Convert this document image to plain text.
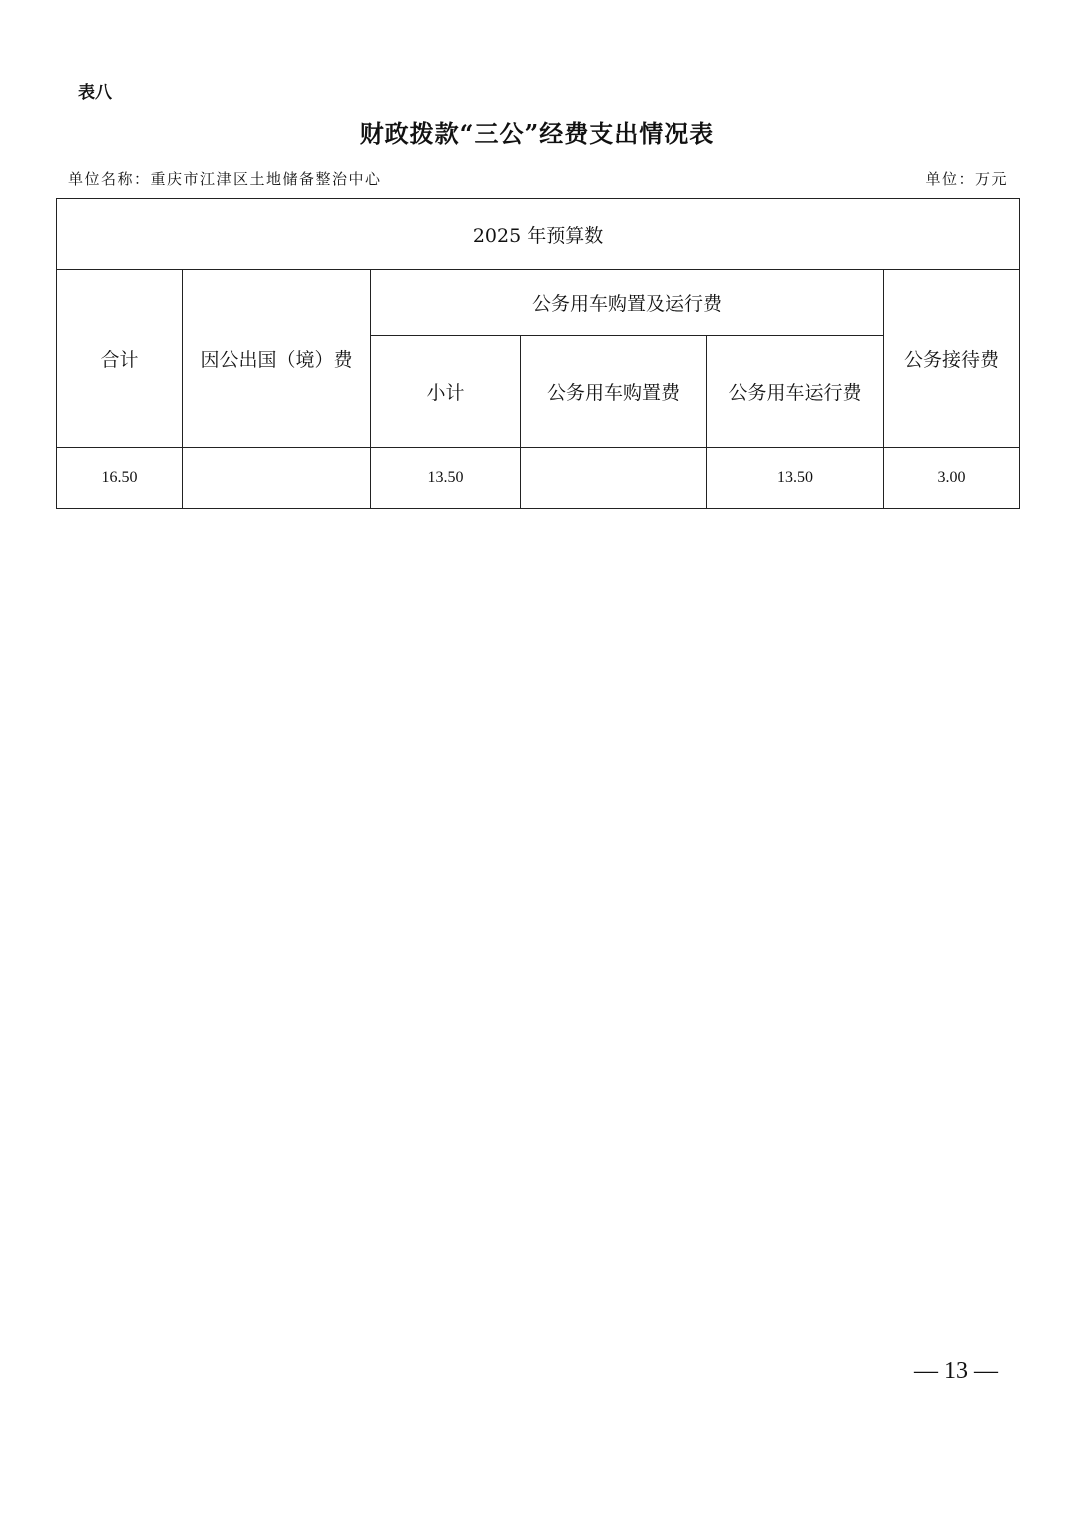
表八
财政拨款“三公”经费支出情况表
单位名称：重庆市江津区土地储备整治中心	单位：万元
2025 年预算数					
合计	因公出国（境）费	公务用车购置及运行费			公务接待费
		小计	公务用车购置费	公务用车运行费	
16.50		13.50		13.50	3.00
— 13 —
